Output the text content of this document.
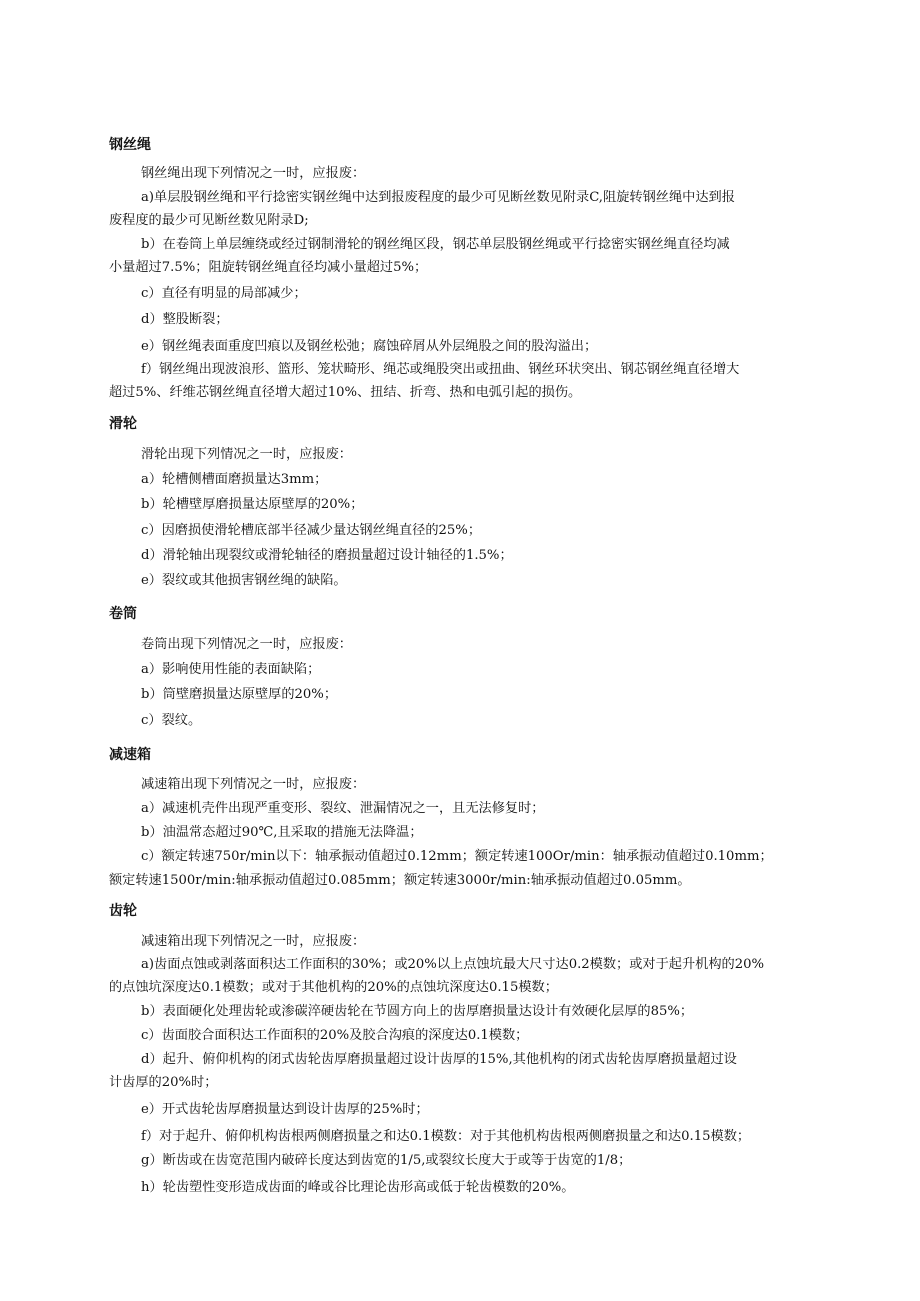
钢丝绳
钢丝绳出现下列情况之一时，应报废：
a)单层股钢丝绳和平行捻密实钢丝绳中达到报废程度的最少可见断丝数见附录C,阻旋转钢丝绳中达到报
废程度的最少可见断丝数见附录D;
b）在卷筒上单层缠绕或经过钢制滑轮的钢丝绳区段，钢芯单层股钢丝绳或平行捻密实钢丝绳直径均减
小量超过7.5%；阻旋转钢丝绳直径均减小量超过5%；
c）直径有明显的局部减少；
d）整股断裂；
e）钢丝绳表面重度凹痕以及钢丝松弛；腐蚀碎屑从外层绳股之间的股沟溢出；
f）钢丝绳出现波浪形、篮形、笼状畸形、绳芯或绳股突出或扭曲、钢丝环状突出、钢芯钢丝绳直径增大
超过5%、纤维芯钢丝绳直径增大超过10%、扭结、折弯、热和电弧引起的损伤。
滑轮
滑轮出现下列情况之一时，应报废：
a）轮槽侧槽面磨损量达3mm；
b）轮槽壁厚磨损量达原壁厚的20%；
c）因磨损使滑轮槽底部半径减少量达钢丝绳直径的25%；
d）滑轮轴出现裂纹或滑轮轴径的磨损量超过设计轴径的1.5%；
e）裂纹或其他损害钢丝绳的缺陷。
卷筒
卷筒出现下列情况之一时，应报废：
a）影响使用性能的表面缺陷；
b）筒壁磨损量达原壁厚的20%；
c）裂纹。
减速箱
减速箱出现下列情况之一时，应报废：
a）减速机壳件出现严重变形、裂纹、泄漏情况之一，且无法修复时；
b）油温常态超过90℃,且采取的措施无法降温；
c）额定转速750r/min以下：轴承振动值超过0.12mm；额定转速100Or/min：轴承振动值超过0.10mm；
额定转速1500r/min:轴承振动值超过0.085mm；额定转速3000r/min:轴承振动值超过0.05mm。
齿轮
减速箱出现下列情况之一时，应报废：
a)齿面点蚀或剥落面积达工作面积的30%；或20%以上点蚀坑最大尺寸达0.2模数；或对于起升机构的20%
的点蚀坑深度达0.1模数；或对于其他机构的20%的点蚀坑深度达0.15模数；
b）表面硬化处理齿轮或渗碳淬硬齿轮在节圆方向上的齿厚磨损量达设计有效硬化层厚的85%；
c）齿面胶合面积达工作面积的20%及胶合沟痕的深度达0.1模数；
d）起升、俯仰机构的闭式齿轮齿厚磨损量超过设计齿厚的15%,其他机构的闭式齿轮齿厚磨损量超过设
计齿厚的20%时；
e）开式齿轮齿厚磨损量达到设计齿厚的25%时；
f）对于起升、俯仰机构齿根两侧磨损量之和达0.1模数：对于其他机构齿根两侧磨损量之和达0.15模数；
g）断齿或在齿宽范围内破碎长度达到齿宽的1/5,或裂纹长度大于或等于齿宽的1/8；
h）轮齿塑性变形造成齿面的峰或谷比理论齿形高或低于轮齿模数的20%。
